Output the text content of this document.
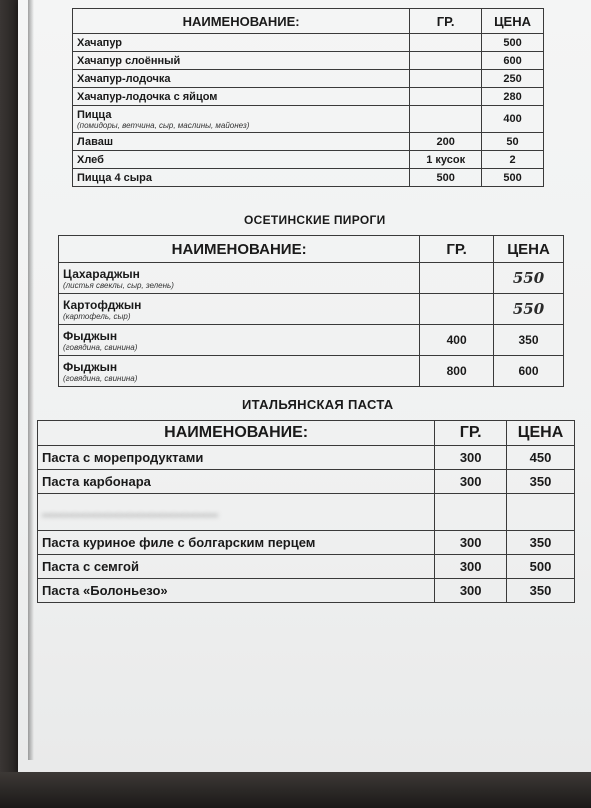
НАИМЕНОВАНИЕ:	ГР.	ЦЕНА
Хачапур		500
Хачапур слоённый		600
Хачапур-лодочка		250
Хачапур-лодочка с яйцом		280
Пицца
(помидоры, ветчина, сыр, маслины, майонез)		400
Лаваш	200	50
Хлеб	1 кусок	2
Пицца 4 сыра	500	500
ОСЕТИНСКИЕ ПИРОГИ
НАИМЕНОВАНИЕ:	ГР.	ЦЕНА
Цахараджын
(листья свеклы, сыр, зелень)		550
Картофджын
(картофель, сыр)		550
Фыджын
(говядина, свинина)	400	350
Фыджын
(говядина, свинина)	800	600
ИТАЛЬЯНСКАЯ ПАСТА
НАИМЕНОВАНИЕ:	ГР.	ЦЕНА
Паста с морепродуктами	300	450
Паста карбонара	300	350
▬▬▬▬▬▬▬▬▬▬▬▬▬▬▬▬		
Паста куриное филе с болгарским перцем	300	350
Паста с семгой	300	500
Паста «Болоньезо»	300	350
